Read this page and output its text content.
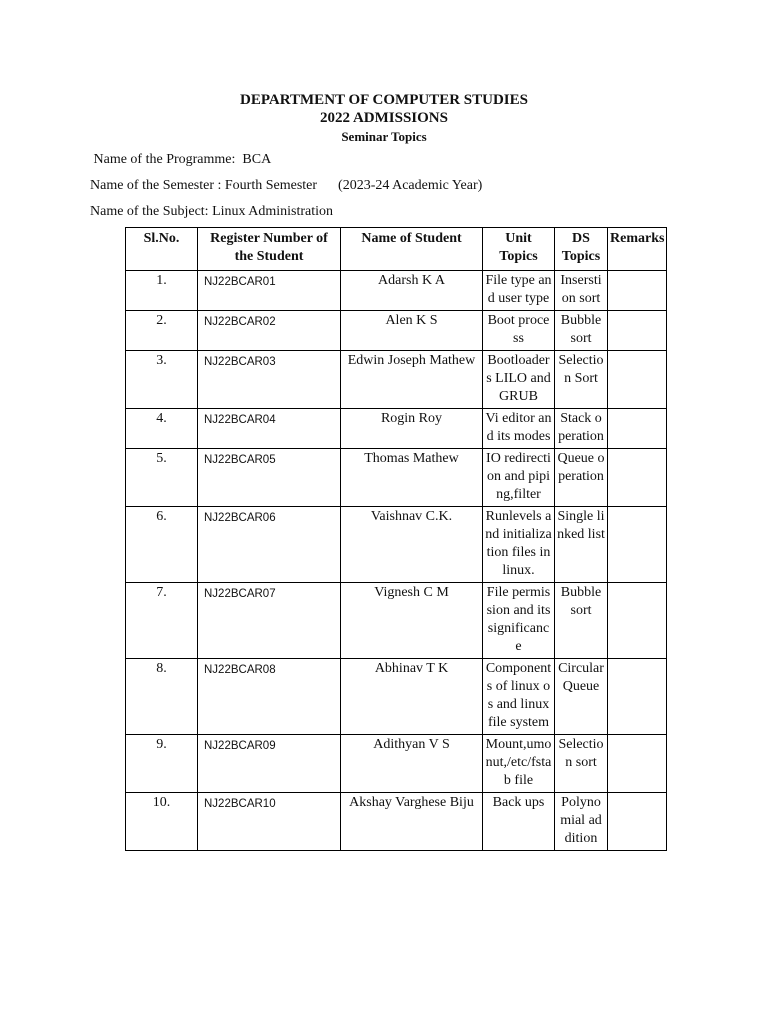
DEPARTMENT OF COMPUTER STUDIES
2022 ADMISSIONS
Seminar Topics
Name of the Programme:  BCA
Name of the Semester : Fourth Semester      (2023-24 Academic Year)
Name of the Subject: Linux Administration
Sl.No.	Register Number of the Student	Name of Student	Unit Topics	DS Topics	Remarks
1.	NJ22BCAR01	Adarsh K A	File type and user type	Insersti on sort	
2.	NJ22BCAR02	Alen K S	Boot process	Bubble sort	
3.	NJ22BCAR03	Edwin Joseph Mathew	Bootloaders LILO and GRUB	Selection Sort	
4.	NJ22BCAR04	Rogin Roy	Vi editor and its modes	Stack operation	
5.	NJ22BCAR05	Thomas Mathew	IO redirection and piping,filter	Queue operation	
6.	NJ22BCAR06	Vaishnav C.K.	Runlevels and initialization files in linux.	Single linked list	
7.	NJ22BCAR07	Vignesh C M	File permission and its significance	Bubble sort	
8.	NJ22BCAR08	Abhinav T K	Components of linux os and linux file system	Circular Queue	
9.	NJ22BCAR09	Adithyan V S	Mount,umonut,/etc/fstab file	Selection sort	
10.	NJ22BCAR10	Akshay Varghese Biju	Back ups	Polynomial addition	
